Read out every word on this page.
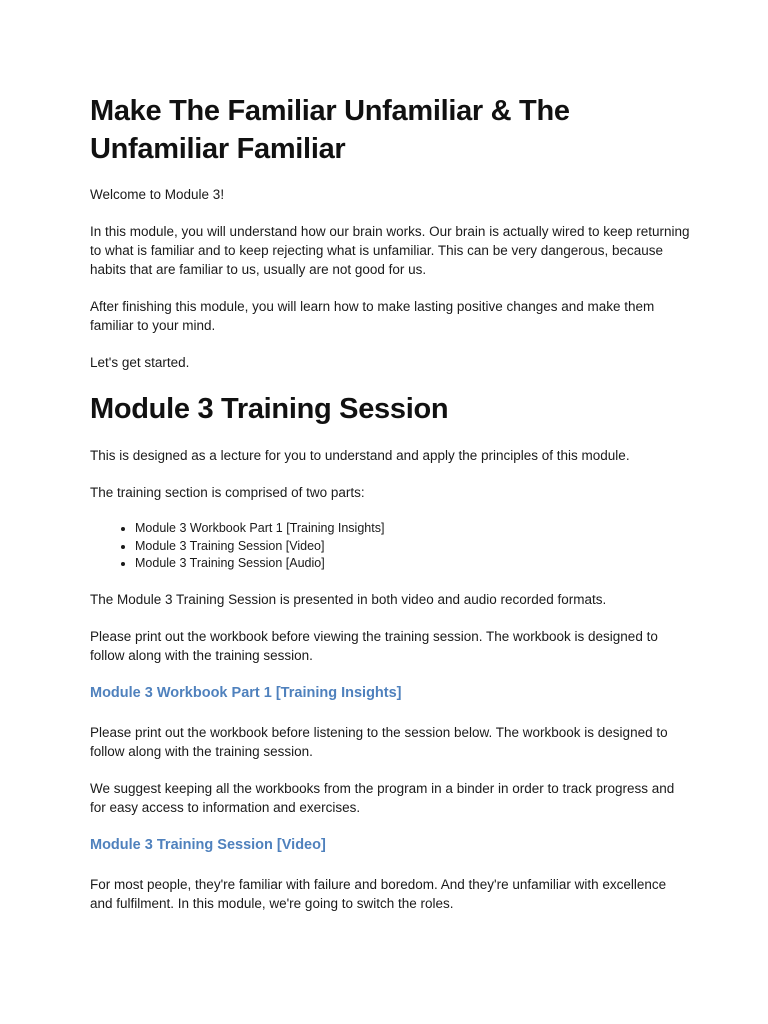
Make The Familiar Unfamiliar & The Unfamiliar Familiar

Welcome to Module 3!

In this module, you will understand how our brain works. Our brain is actually wired to keep returning to what is familiar and to keep rejecting what is unfamiliar. This can be very dangerous, because habits that are familiar to us, usually are not good for us.

After finishing this module, you will learn how to make lasting positive changes and make them familiar to your mind.

Let's get started.

Module 3 Training Session

This is designed as a lecture for you to understand and apply the principles of this module.

The training section is comprised of two parts:

• Module 3 Workbook Part 1 [Training Insights]
• Module 3 Training Session [Video]
• Module 3 Training Session [Audio]

The Module 3 Training Session is presented in both video and audio recorded formats.

Please print out the workbook before viewing the training session. The workbook is designed to follow along with the training session.

Module 3 Workbook Part 1 [Training Insights]

Please print out the workbook before listening to the session below. The workbook is designed to follow along with the training session.

We suggest keeping all the workbooks from the program in a binder in order to track progress and for easy access to information and exercises.

Module 3 Training Session [Video]

For most people, they're familiar with failure and boredom. And they're unfamiliar with excellence and fulfilment. In this module, we're going to switch the roles.
